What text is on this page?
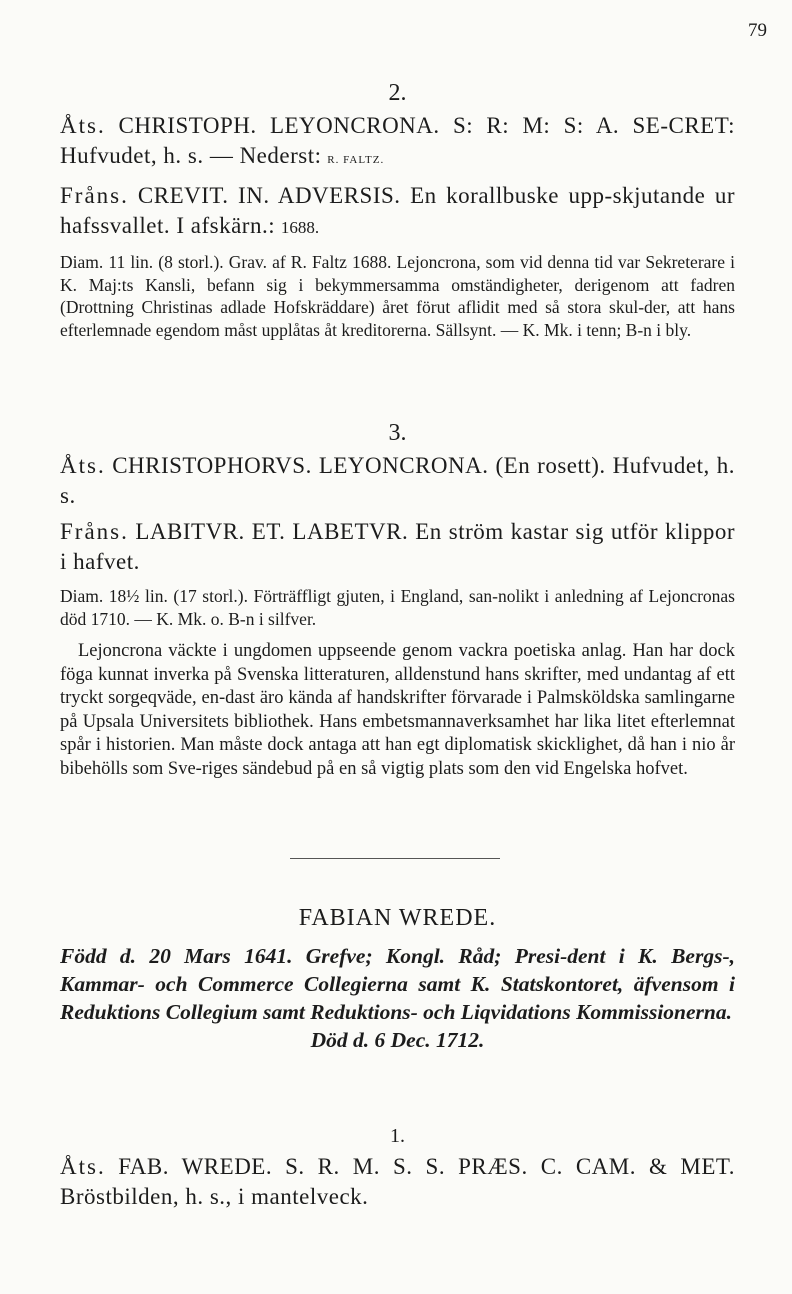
79

2.

Åts. CHRISTOPH. LEYONCRONA. S: R: M: S: A. SE-CRET: Hufvudet, h. s. — Nederst: R. FALTZ.

Fråns. CREVIT. IN. ADVERSIS. En korallbuske upp-skjutande ur hafssvallet. I afskärn.: 1688.

Diam. 11 lin. (8 storl.). Grav. af R. Faltz 1688. Lejoncrona, som vid denna tid var Sekreterare i K. Maj:ts Kansli, befann sig i bekymmersamma omständigheter, derigenom att fadren (Drottning Christinas adlade Hofskräddare) året förut aflidit med så stora skul-der, att hans efterlemnade egendom måst upplåtas åt kreditorerna. Sällsynt. — K. Mk. i tenn; B-n i bly.

3.

Åts. CHRISTOPHORVS. LEYONCRONA. (En rosett). Hufvudet, h. s.

Fråns. LABITVR. ET. LABETVR. En ström kastar sig utför klippor i hafvet.

Diam. 18½ lin. (17 storl.). Förträffligt gjuten, i England, san-nolikt i anledning af Lejoncronas död 1710. — K. Mk. o. B-n i silfver.

Lejoncrona väckte i ungdomen uppseende genom vackra poetiska anlag. Han har dock föga kunnat inverka på Svenska litteraturen, alldenstund hans skrifter, med undantag af ett tryckt sorgeqväde, en-dast äro kända af handskrifter förvarade i Palmsköldska samlingarne på Upsala Universitets bibliothek. Hans embetsmannaverksamhet har lika litet efterlemnat spår i historien. Man måste dock antaga att han egt diplomatisk skicklighet, då han i nio år bibehölls som Sve-riges sändebud på en så vigtig plats som den vid Engelska hofvet.

FABIAN WREDE.

Född d. 20 Mars 1641. Grefve; Kongl. Råd; Presi-dent i K. Bergs-, Kammar- och Commerce Collegierna samt K. Statskontoret, äfvensom i Reduktions Collegium samt Reduktions- och Liqvidations Kommissionerna.
Död d. 6 Dec. 1712.

1.

Åts. FAB. WREDE. S. R. M. S. S. PRÆS. C. CAM. & MET. Bröstbilden, h. s., i mantelveck.
